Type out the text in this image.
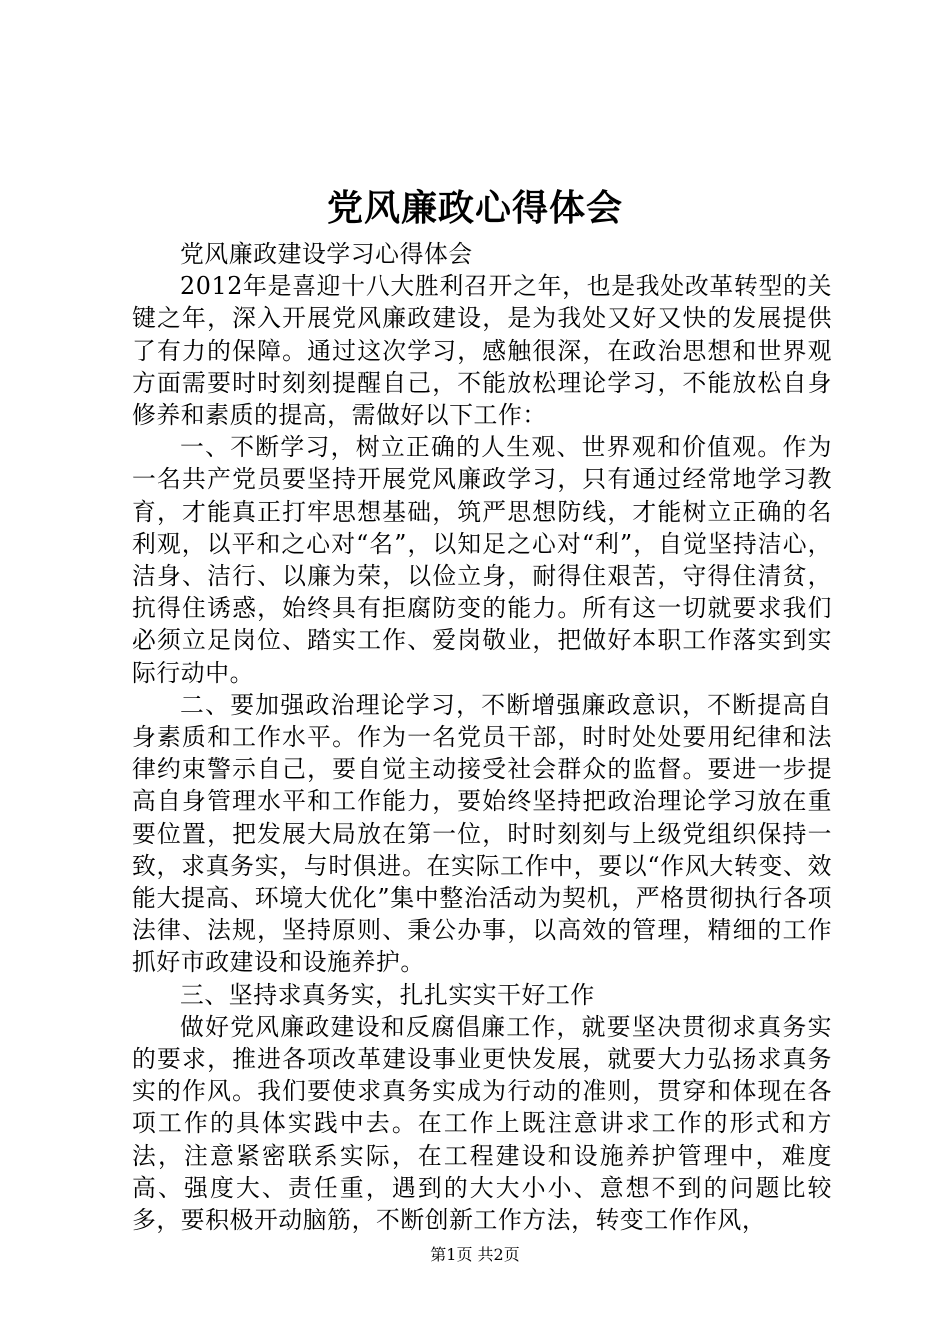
党风廉政心得体会

党风廉政建设学习心得体会

2012年是喜迎十八大胜利召开之年，也是我处改革转型的关键之年，深入开展党风廉政建设，是为我处又好又快的发展提供了有力的保障。通过这次学习，感触很深，在政治思想和世界观方面需要时时刻刻提醒自己，不能放松理论学习，不能放松自身修养和素质的提高，需做好以下工作：

一、不断学习，树立正确的人生观、世界观和价值观。作为一名共产党员要坚持开展党风廉政学习，只有通过经常地学习教育，才能真正打牢思想基础，筑严思想防线，才能树立正确的名利观，以平和之心对“名”，以知足之心对“利”，自觉坚持洁心，洁身、洁行、以廉为荣，以俭立身，耐得住艰苦，守得住清贫，抗得住诱惑，始终具有拒腐防变的能力。所有这一切就要求我们必须立足岗位、踏实工作、爱岗敬业，把做好本职工作落实到实际行动中。

二、要加强政治理论学习，不断增强廉政意识，不断提高自身素质和工作水平。作为一名党员干部，时时处处要用纪律和法律约束警示自己，要自觉主动接受社会群众的监督。要进一步提高自身管理水平和工作能力，要始终坚持把政治理论学习放在重要位置，把发展大局放在第一位，时时刻刻与上级党组织保持一致，求真务实，与时俱进。在实际工作中，要以“作风大转变、效能大提高、环境大优化”集中整治活动为契机，严格贯彻执行各项法律、法规，坚持原则、秉公办事，以高效的管理，精细的工作抓好市政建设和设施养护。

三、坚持求真务实，扎扎实实干好工作

做好党风廉政建设和反腐倡廉工作，就要坚决贯彻求真务实的要求，推进各项改革建设事业更快发展，就要大力弘扬求真务实的作风。我们要使求真务实成为行动的准则，贯穿和体现在各项工作的具体实践中去。在工作上既注意讲求工作的形式和方法，注意紧密联系实际，在工程建设和设施养护管理中，难度高、强度大、责任重，遇到的大大小小、意想不到的问题比较多，要积极开动脑筋，不断创新工作方法，转变工作作风，

第1页 共2页
